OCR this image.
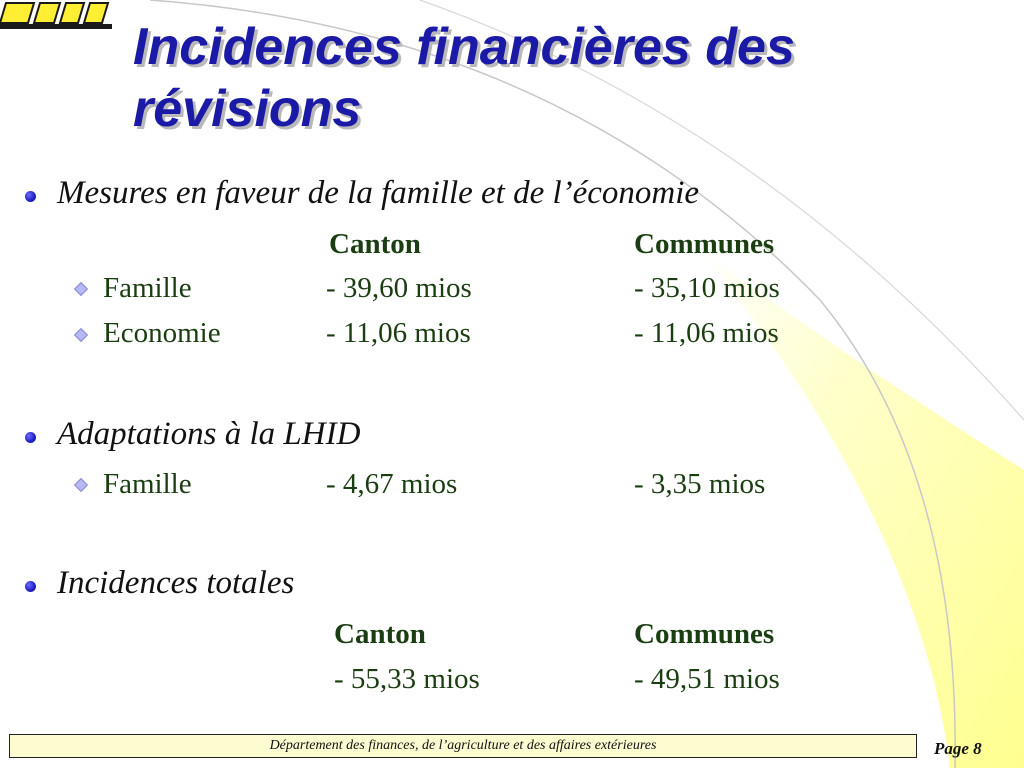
Incidences financières des révisions
Mesures en faveur de la famille et de l’économie
Canton	Communes
Famille	- 39,60 mios	- 35,10 mios
Economie	- 11,06 mios	- 11,06 mios
Adaptations à la LHID
Famille	- 4,67 mios	- 3,35 mios
Incidences totales
Canton	Communes
- 55,33 mios	- 49,51 mios
Département des finances, de l’agriculture et des affaires extérieures	Page 8
